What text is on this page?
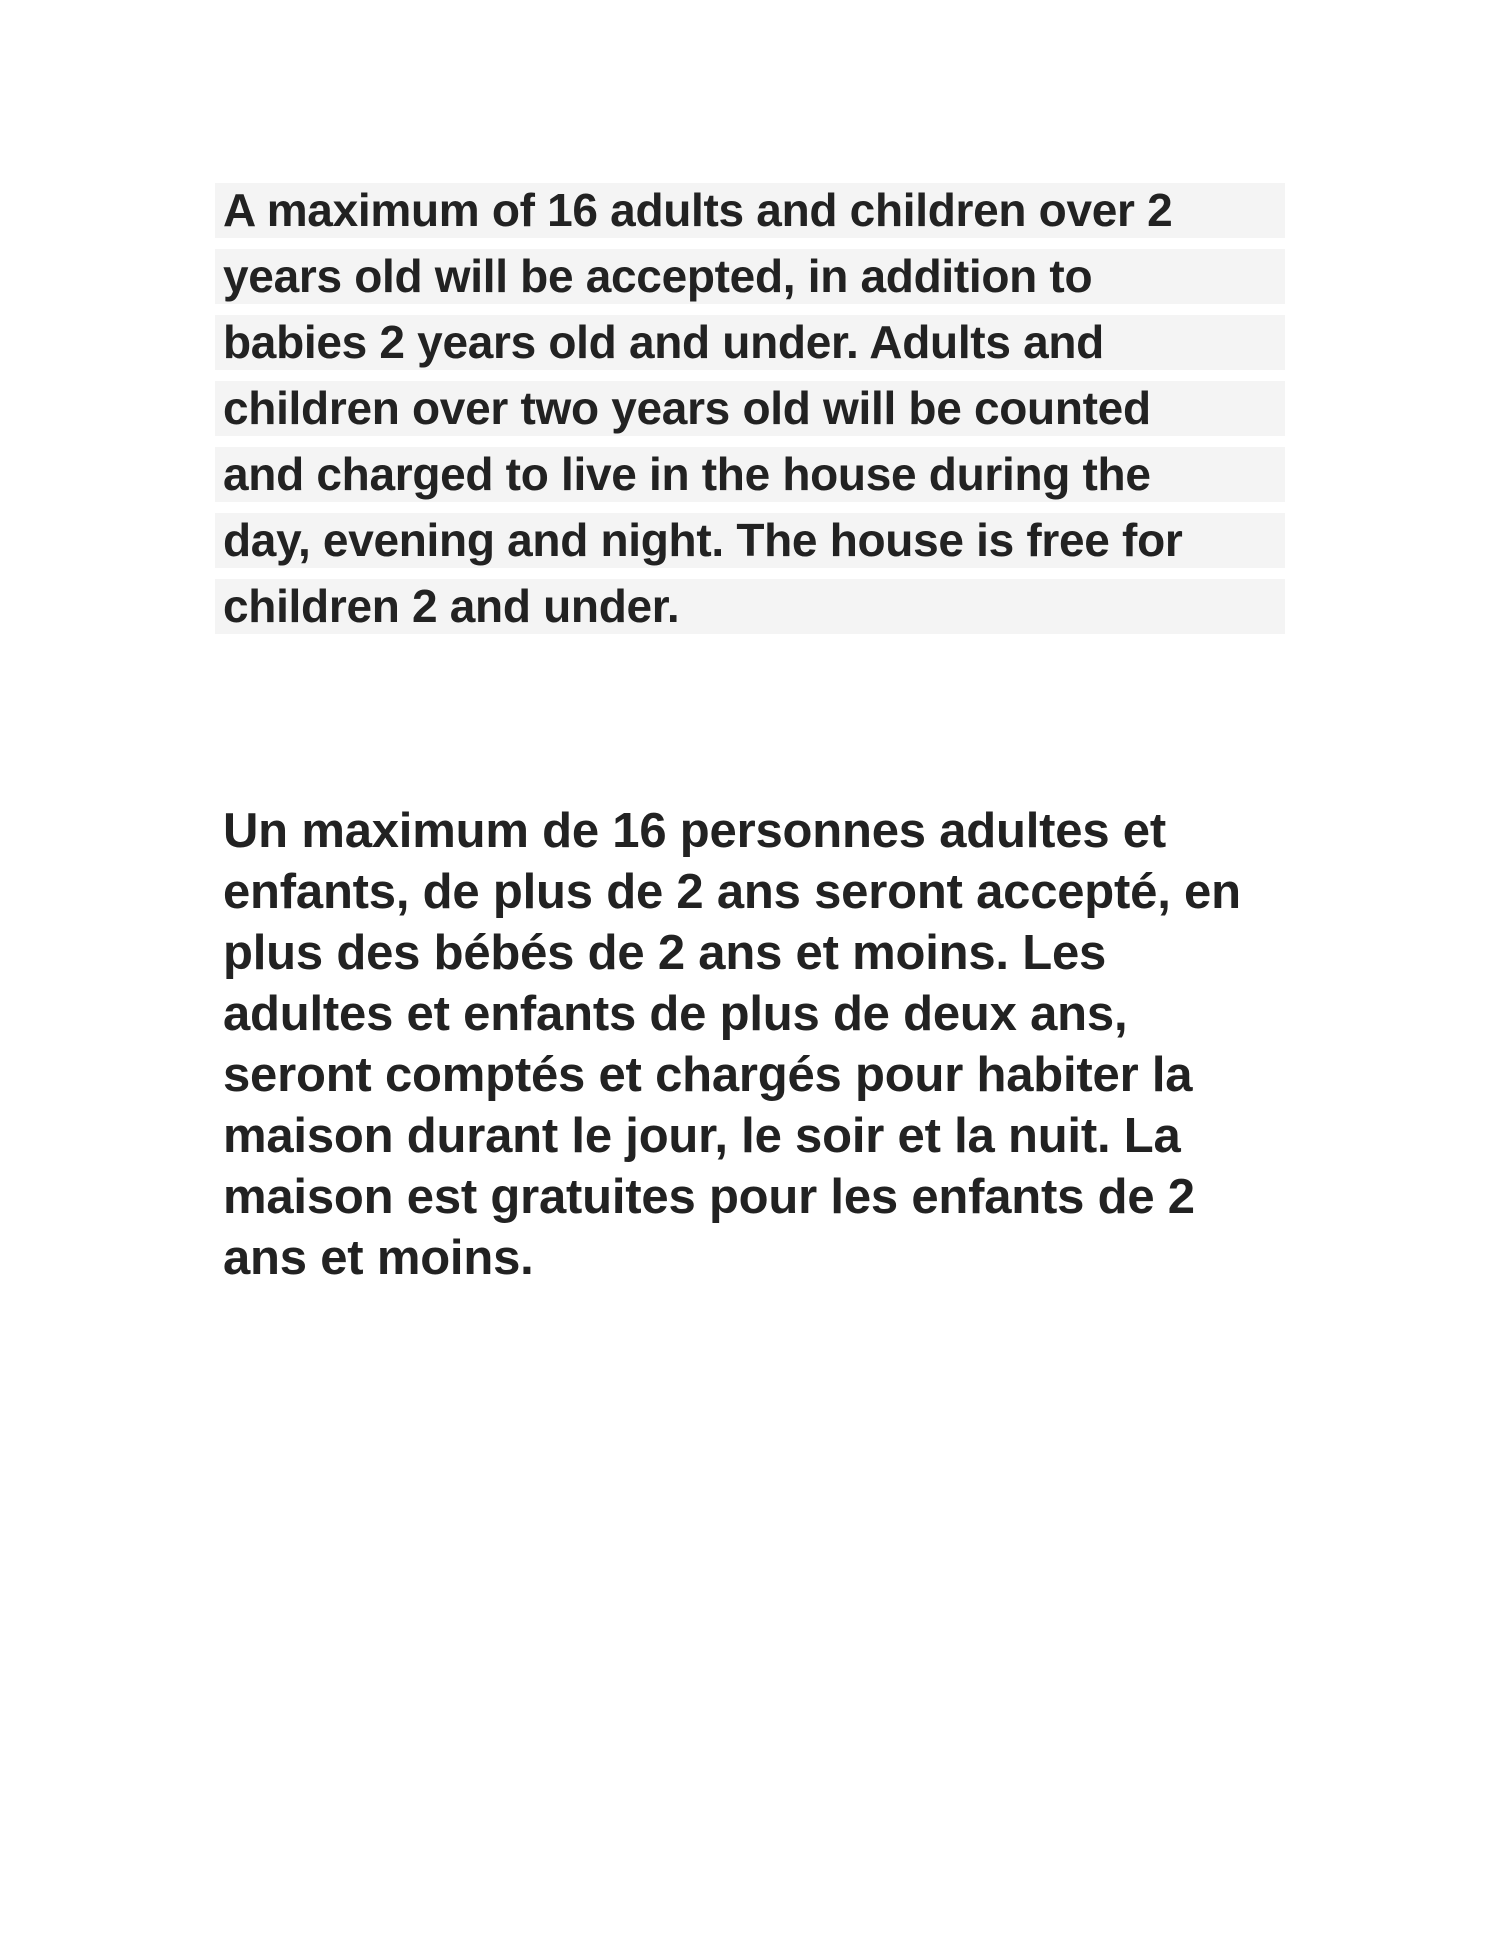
A maximum of 16 adults and children over 2
years old will be accepted, in addition to
babies 2 years old and under. Adults and
children over two years old will be counted
and charged to live in the house during the
day, evening and night. The house is free for
children 2 and under.
Un maximum de 16 personnes adultes et
enfants, de plus de 2 ans seront accepté, en
plus des bébés de 2 ans et moins. Les
adultes et enfants de plus de deux ans,
seront comptés et chargés pour habiter la
maison durant le jour, le soir et la nuit. La
maison est gratuites pour les enfants de 2
ans et moins.
